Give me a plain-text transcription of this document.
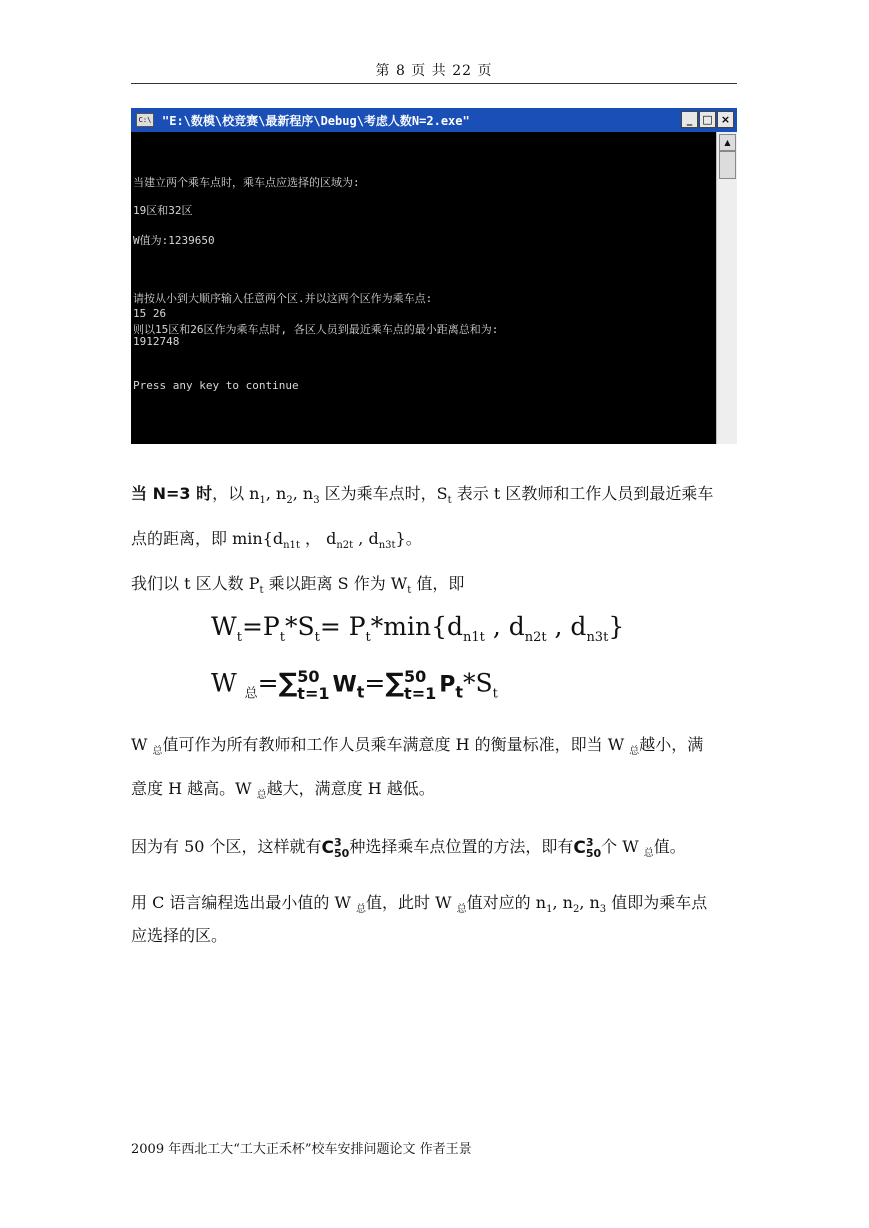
第 8 页 共 22 页
C:\ "E:\数模\校竞赛\最新程序\Debug\考虑人数N=2.exe"	_ □ ×
当建立两个乘车点时，乘车点应选择的区域为:
19区和32区
W值为:1239650
请按从小到大顺序输入任意两个区.并以这两个区作为乘车点:
15 26
则以15区和26区作为乘车点时, 各区人员到最近乘车点的最小距离总和为:
1912748
Press any key to continue
▲
当 N=3 时，以 $n_1$, $n_2$, $n_3$ 区为乘车点时，$S_t$ 表示 t 区教师和工作人员到最近乘车
点的距离，即 $\min\{d_{n1t}$ ， $d_{n2t}$ , $d_{n3t}$}。
我们以 t 区人数 $P_t$ 乘以距离 S 作为 $W_t$ 值，即
$W_t=P_t*S_t= P_t*\min\{d_{n1t}$ , $d_{n2t}$ , $d_{n3t}$}
W $_总$=∑ 50
t=1 $W_t=\sum$ 50
t=1 $P_t*S_t$
W $_总$值可作为所有教师和工作人员乘车满意度 H 的衡量标准，即当 W $_总$越小，满
意度 H 越高。W $_总$越大，满意度 H 越低。
因为有 50 个区，这样就有C 3
50 种选择乘车点位置的方法，即有C 3
50 个 W $_总$值。
用 C 语言编程选出最小值的 W $_总$值，此时 W $_总$值对应的 $n_1$, $n_2$, $n_3$ 值即为乘车点
应选择的区。
2009 年西北工大“工大正禾杯”校车安排问题论文 作者王景
